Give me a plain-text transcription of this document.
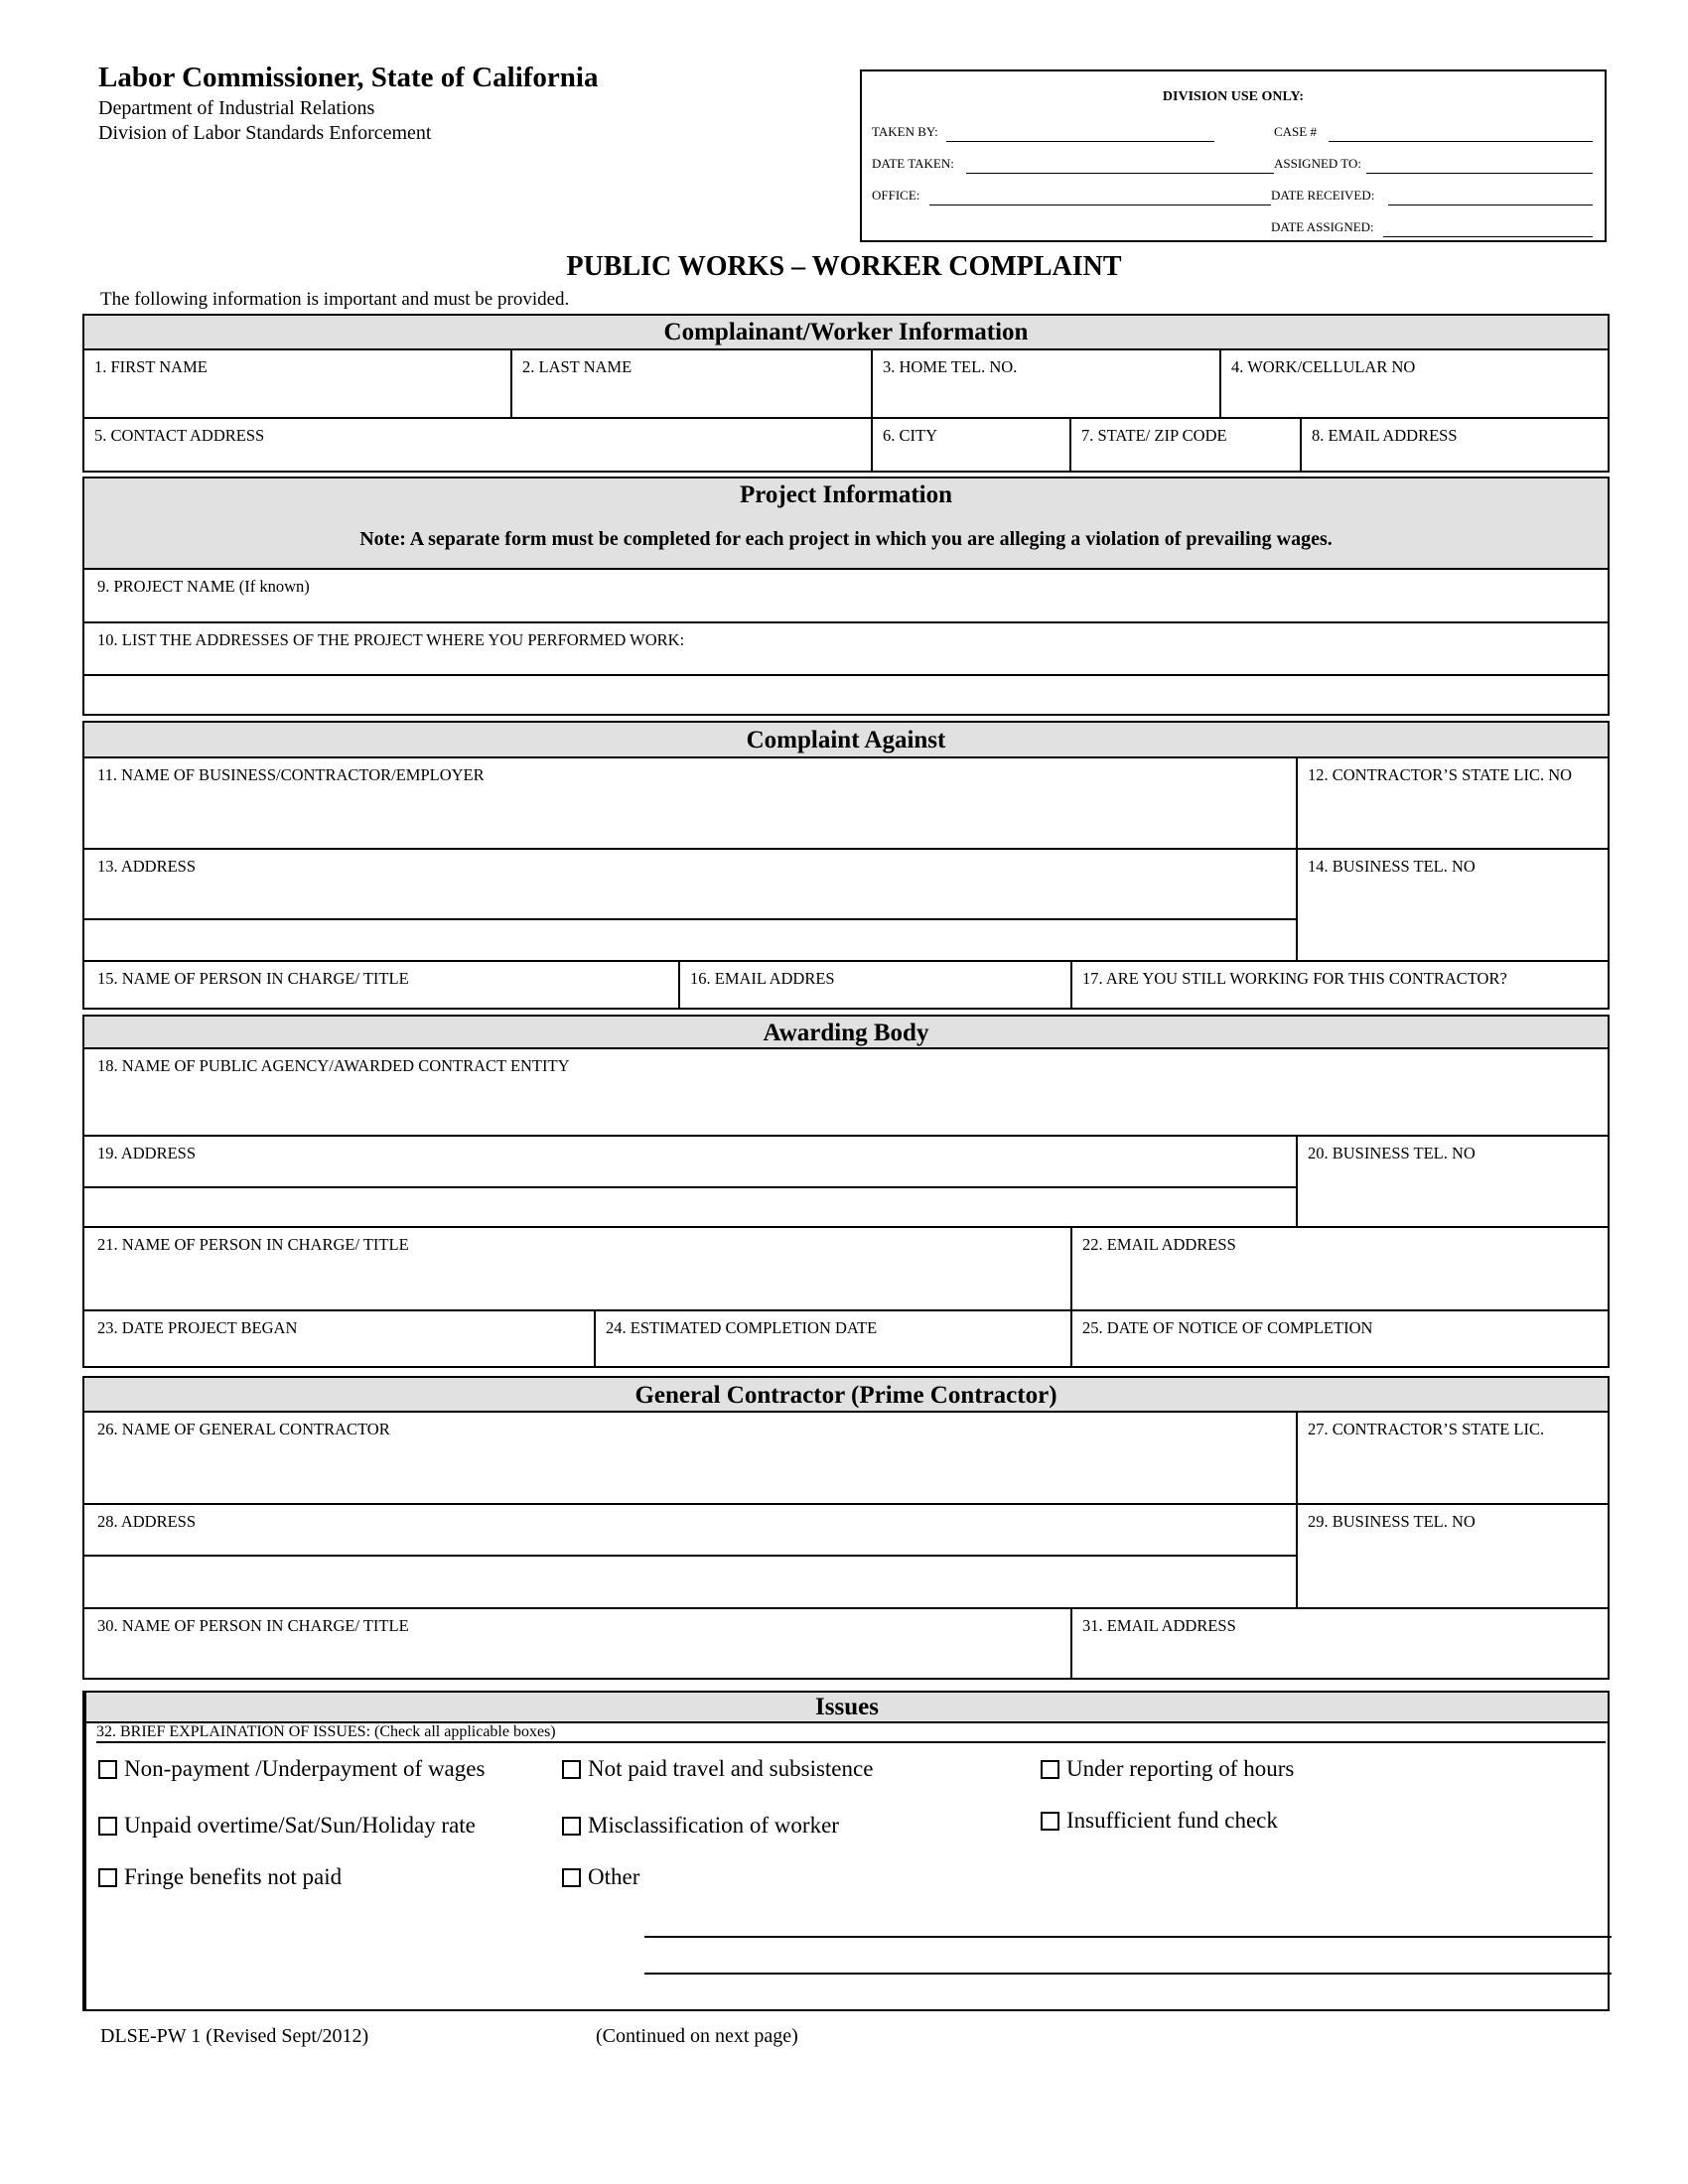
Labor Commissioner, State of California
Department of Industrial Relations
Division of Labor Standards Enforcement
DIVISION USE ONLY:
TAKEN BY:	CASE #
DATE TAKEN:	ASSIGNED TO:
OFFICE:	DATE RECEIVED:
DATE ASSIGNED:
PUBLIC WORKS – WORKER COMPLAINT
The following information is important and must be provided.
Complainant/Worker Information
1. FIRST NAME	2. LAST NAME	3. HOME TEL. NO.	4. WORK/CELLULAR NO
5. CONTACT ADDRESS	6. CITY	7. STATE/ ZIP CODE	8. EMAIL ADDRESS
Project Information
Note: A separate form must be completed for each project in which you are alleging a violation of prevailing wages.
9. PROJECT NAME (If known)
10. LIST THE ADDRESSES OF THE PROJECT WHERE YOU PERFORMED WORK:
Complaint Against
11. NAME OF BUSINESS/CONTRACTOR/EMPLOYER	12. CONTRACTOR’S STATE LIC. NO
13. ADDRESS	14. BUSINESS TEL. NO
15. NAME OF PERSON IN CHARGE/ TITLE	16. EMAIL ADDRES	17. ARE YOU STILL WORKING FOR THIS CONTRACTOR?
Awarding Body
18. NAME OF PUBLIC AGENCY/AWARDED CONTRACT ENTITY
19. ADDRESS	20. BUSINESS TEL. NO
21. NAME OF PERSON IN CHARGE/ TITLE	22. EMAIL ADDRESS
23. DATE PROJECT BEGAN	24. ESTIMATED COMPLETION DATE	25. DATE OF NOTICE OF COMPLETION
General Contractor (Prime Contractor)
26. NAME OF GENERAL CONTRACTOR	27. CONTRACTOR’S STATE LIC.
28. ADDRESS	29. BUSINESS TEL. NO
30. NAME OF PERSON IN CHARGE/ TITLE	31. EMAIL ADDRESS
Issues
32. BRIEF EXPLAINATION OF ISSUES: (Check all applicable boxes)
Non-payment /Underpayment of wages
Unpaid overtime/Sat/Sun/Holiday rate
Fringe benefits not paid
Not paid travel and subsistence
Misclassification of worker
Other
Under reporting of hours
Insufficient fund check
DLSE-PW 1 (Revised Sept/2012)	(Continued on next page)
